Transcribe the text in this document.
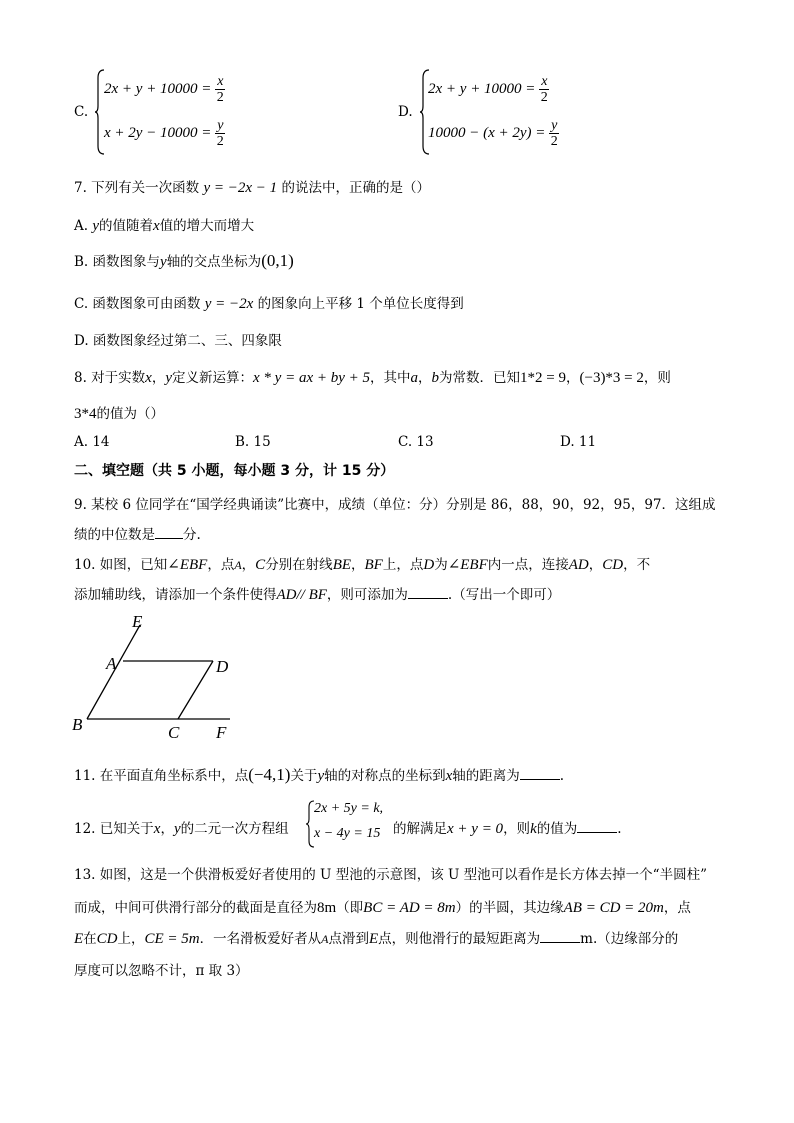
C.
$2x + y + 10000 = \frac{x}{2}$
$x + 2y - 10000 = \frac{y}{2}$
D.
$2x + y + 10000 = \frac{x}{2}$
$10000 - (x + 2y) = \frac{y}{2}$
7. 下列有关一次函数 y = −2x − 1 的说法中，正确的是（）
A. y的值随着x值的增大而增大
B. 函数图象与y轴的交点坐标为(0,1)
C. 函数图象可由函数 y = −2x 的图象向上平移 1 个单位长度得到
D. 函数图象经过第二、三、四象限
8. 对于实数x，y定义新运算：x * y = ax + by + 5，其中a，b为常数．已知1*2 = 9，(−3)*3 = 2，则
3*4的值为（）
A. 14	B. 15	C. 13	D. 11
二、填空题（共 5 小题，每小题 3 分，计 15 分）
9. 某校 6 位同学在“国学经典诵读”比赛中，成绩（单位：分）分别是 86，88，90，92，95，97．这组成
绩的中位数是 分.
10. 如图，已知∠EBF，点A，C分别在射线BE，BF上，点D为∠EBF内一点，连接AD，CD，不
添加辅助线，请添加一个条件使得AD// BF，则可添加为	.（写出一个即可）
E
A	D
B	C F
11. 在平面直角坐标系中，点(−4,1)关于y轴的对称点的坐标到x轴的距离为	.
12. 已知关于x，y的二元一次方程组
2x + 5y = k,
x − 4y = 15 的解满足x + y = 0，则k的值为	.
13. 如图，这是一个供滑板爱好者使用的 U 型池的示意图，该 U 型池可以看作是长方体去掉一个“半圆柱”
而成，中间可供滑行部分的截面是直径为8m（即BC = AD = 8m）的半圆，其边缘AB = CD = 20m，点
E在CD上，CE = 5m．一名滑板爱好者从A点滑到E点，则他滑行的最短距离为	m.（边缘部分的
厚度可以忽略不计，π 取 3）
